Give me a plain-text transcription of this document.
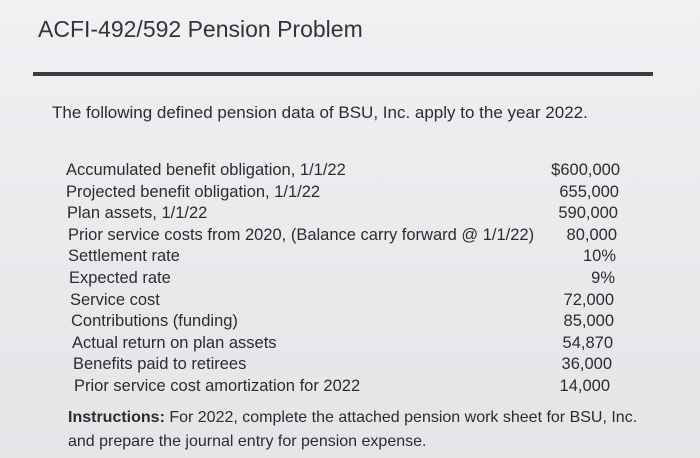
ACFI-492/592 Pension Problem
The following defined pension data of BSU, Inc. apply to the year 2022.
Accumulated benefit obligation, 1/1/22	$600,000
Projected benefit obligation, 1/1/22	655,000
Plan assets, 1/1/22	590,000
Prior service costs from 2020, (Balance carry forward @ 1/1/22) 80,000
Settlement rate	10%
Expected rate	9%
Service cost	72,000
Contributions (funding)	85,000
Actual return on plan assets	54,870
Benefits paid to retirees	36,000
Prior service cost amortization for 2022	14,000
Instructions: For 2022, complete the attached pension work sheet for BSU, Inc. and prepare the journal entry for pension expense.
